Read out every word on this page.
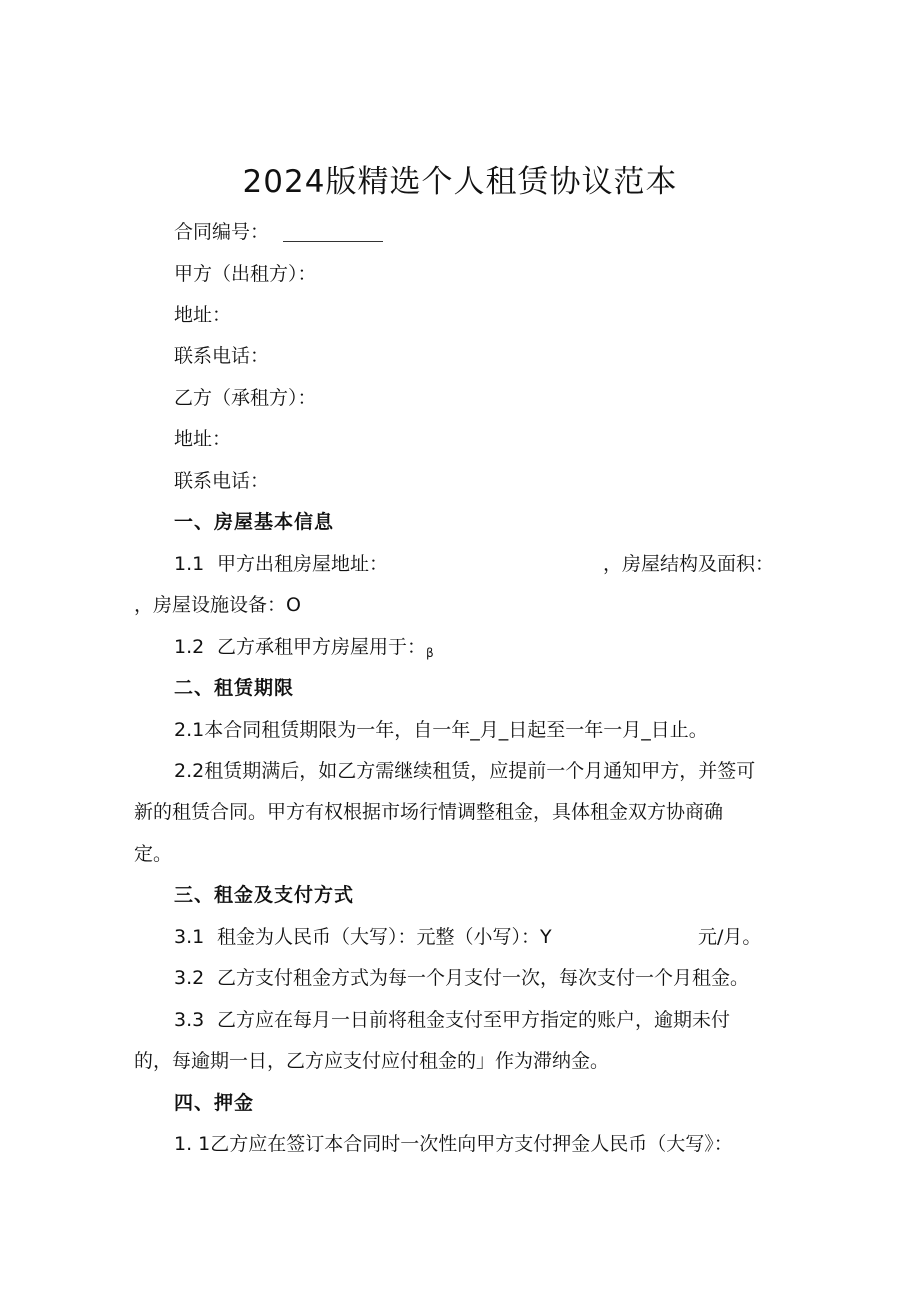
2024版精选个人租赁协议范本
合同编号：
甲方（出租方）：
地址：
联系电话：
乙方（承租方）：
地址：
联系电话：
一、房屋基本信息
1.1 甲方出租房屋地址：	，房屋结构及面积：
，房屋设施设备：O
1.2 乙方承租甲方房屋用于：$_\beta$
二、租赁期限
2.1本合同租赁期限为一年，自一年_月_日起至一年一月_日止。
2.2租赁期满后，如乙方需继续租赁，应提前一个月通知甲方，并签可
新的租赁合同。甲方有权根据市场行情调整租金，具体租金双方协商确
定。
三、租金及支付方式
3.1 租金为人民币（大写）：元整（小写）：Y	元/月。
3.2 乙方支付租金方式为每一个月支付一次，每次支付一个月租金。
3.3 乙方应在每月一日前将租金支付至甲方指定的账户，逾期未付
的，每逾期一日，乙方应支付应付租金的」作为滞纳金。
四、押金
1. 1乙方应在签订本合同时一次性向甲方支付押金人民币（大写》：
